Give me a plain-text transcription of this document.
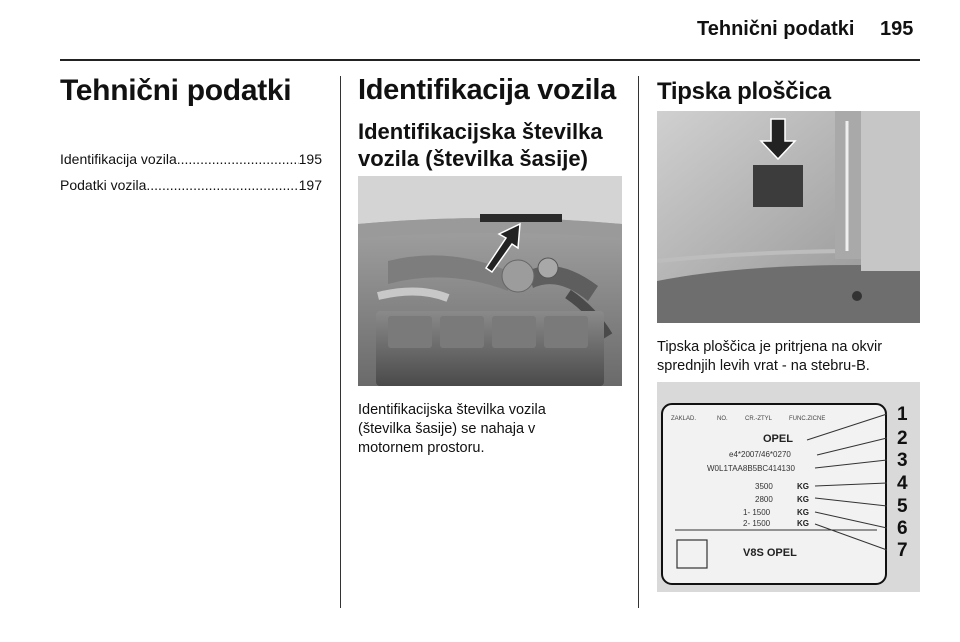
Tehnični podatki 195
Tehnični podatki
Identifikacija vozila .....	195
Podatki vozila .....	197
Identifikacija vozila
Identifikacijska številka
vozila (številka šasije)
Identifikacijska številka vozila
(številka šasije) se nahaja v
motornem prostoru.
Tipska ploščica
Tipska ploščica je pritrjena na okvir
sprednjih levih vrat - na stebru-B.
ZAKLAD.	NO.	CR.-ZTYL	FUNC.ZICNE
OPEL
e4*2007/46*0270
W0L1TAA8B5BC414130
3500	KG
2800	KG
1- 1500	KG
2- 1500	KG
V8S OPEL
1
2
3
4
5
6
7
